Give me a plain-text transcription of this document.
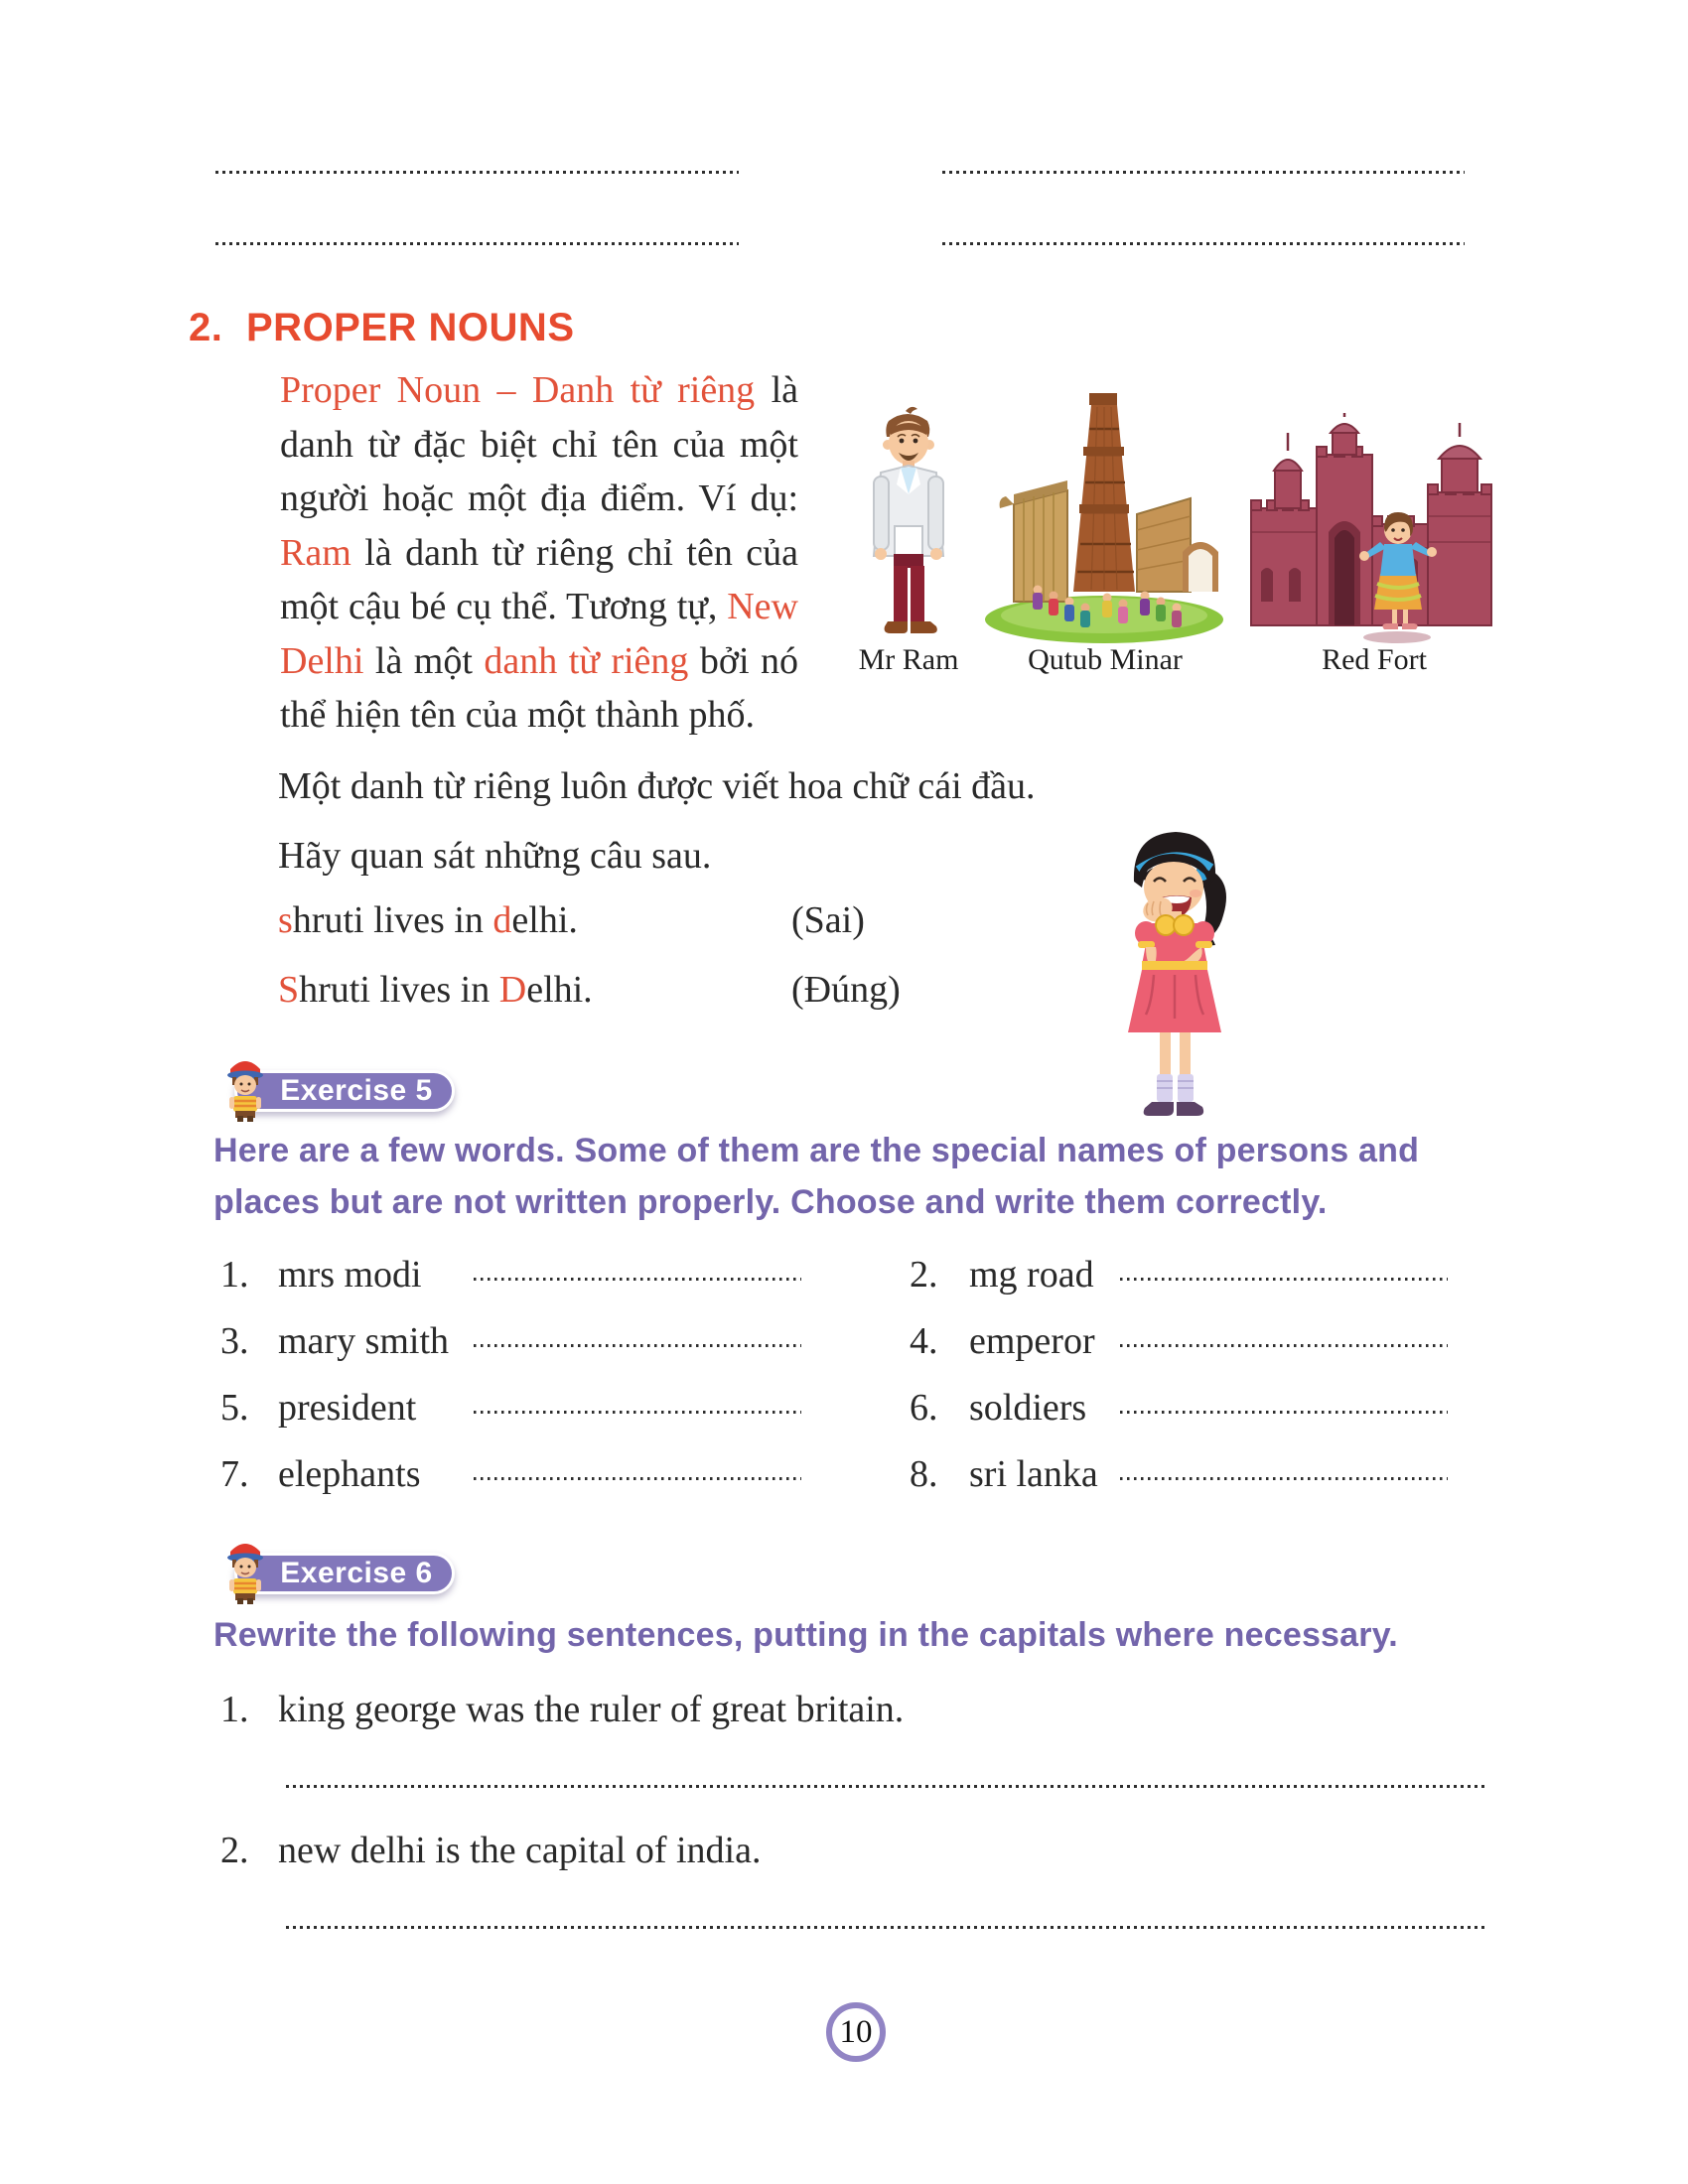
2. PROPER NOUNS
Proper Noun – Danh từ riêng là danh từ đặc biệt chỉ tên của một người hoặc một địa điểm. Ví dụ: Ram là danh từ riêng chỉ tên của một cậu bé cụ thể. Tương tự, New Delhi là một danh từ riêng bởi nó thể hiện tên của một thành phố.
Mr Ram Qutub Minar	Red Fort
Một danh từ riêng luôn được viết hoa chữ cái đầu.
Hãy quan sát những câu sau.
shruti lives in delhi.	(Sai)
Shruti lives in Delhi.	(Đúng)
Exercise 5
Here are a few words. Some of them are the special names of persons and
places but are not written properly. Choose and write them correctly.
1. mrs modi	2. mg road
3. mary smith	4. emperor
5. president	6. soldiers
7. elephants	8. sri lanka
Exercise 6
Rewrite the following sentences, putting in the capitals where necessary.
1. king george was the ruler of great britain.
2. new delhi is the capital of india.
10
